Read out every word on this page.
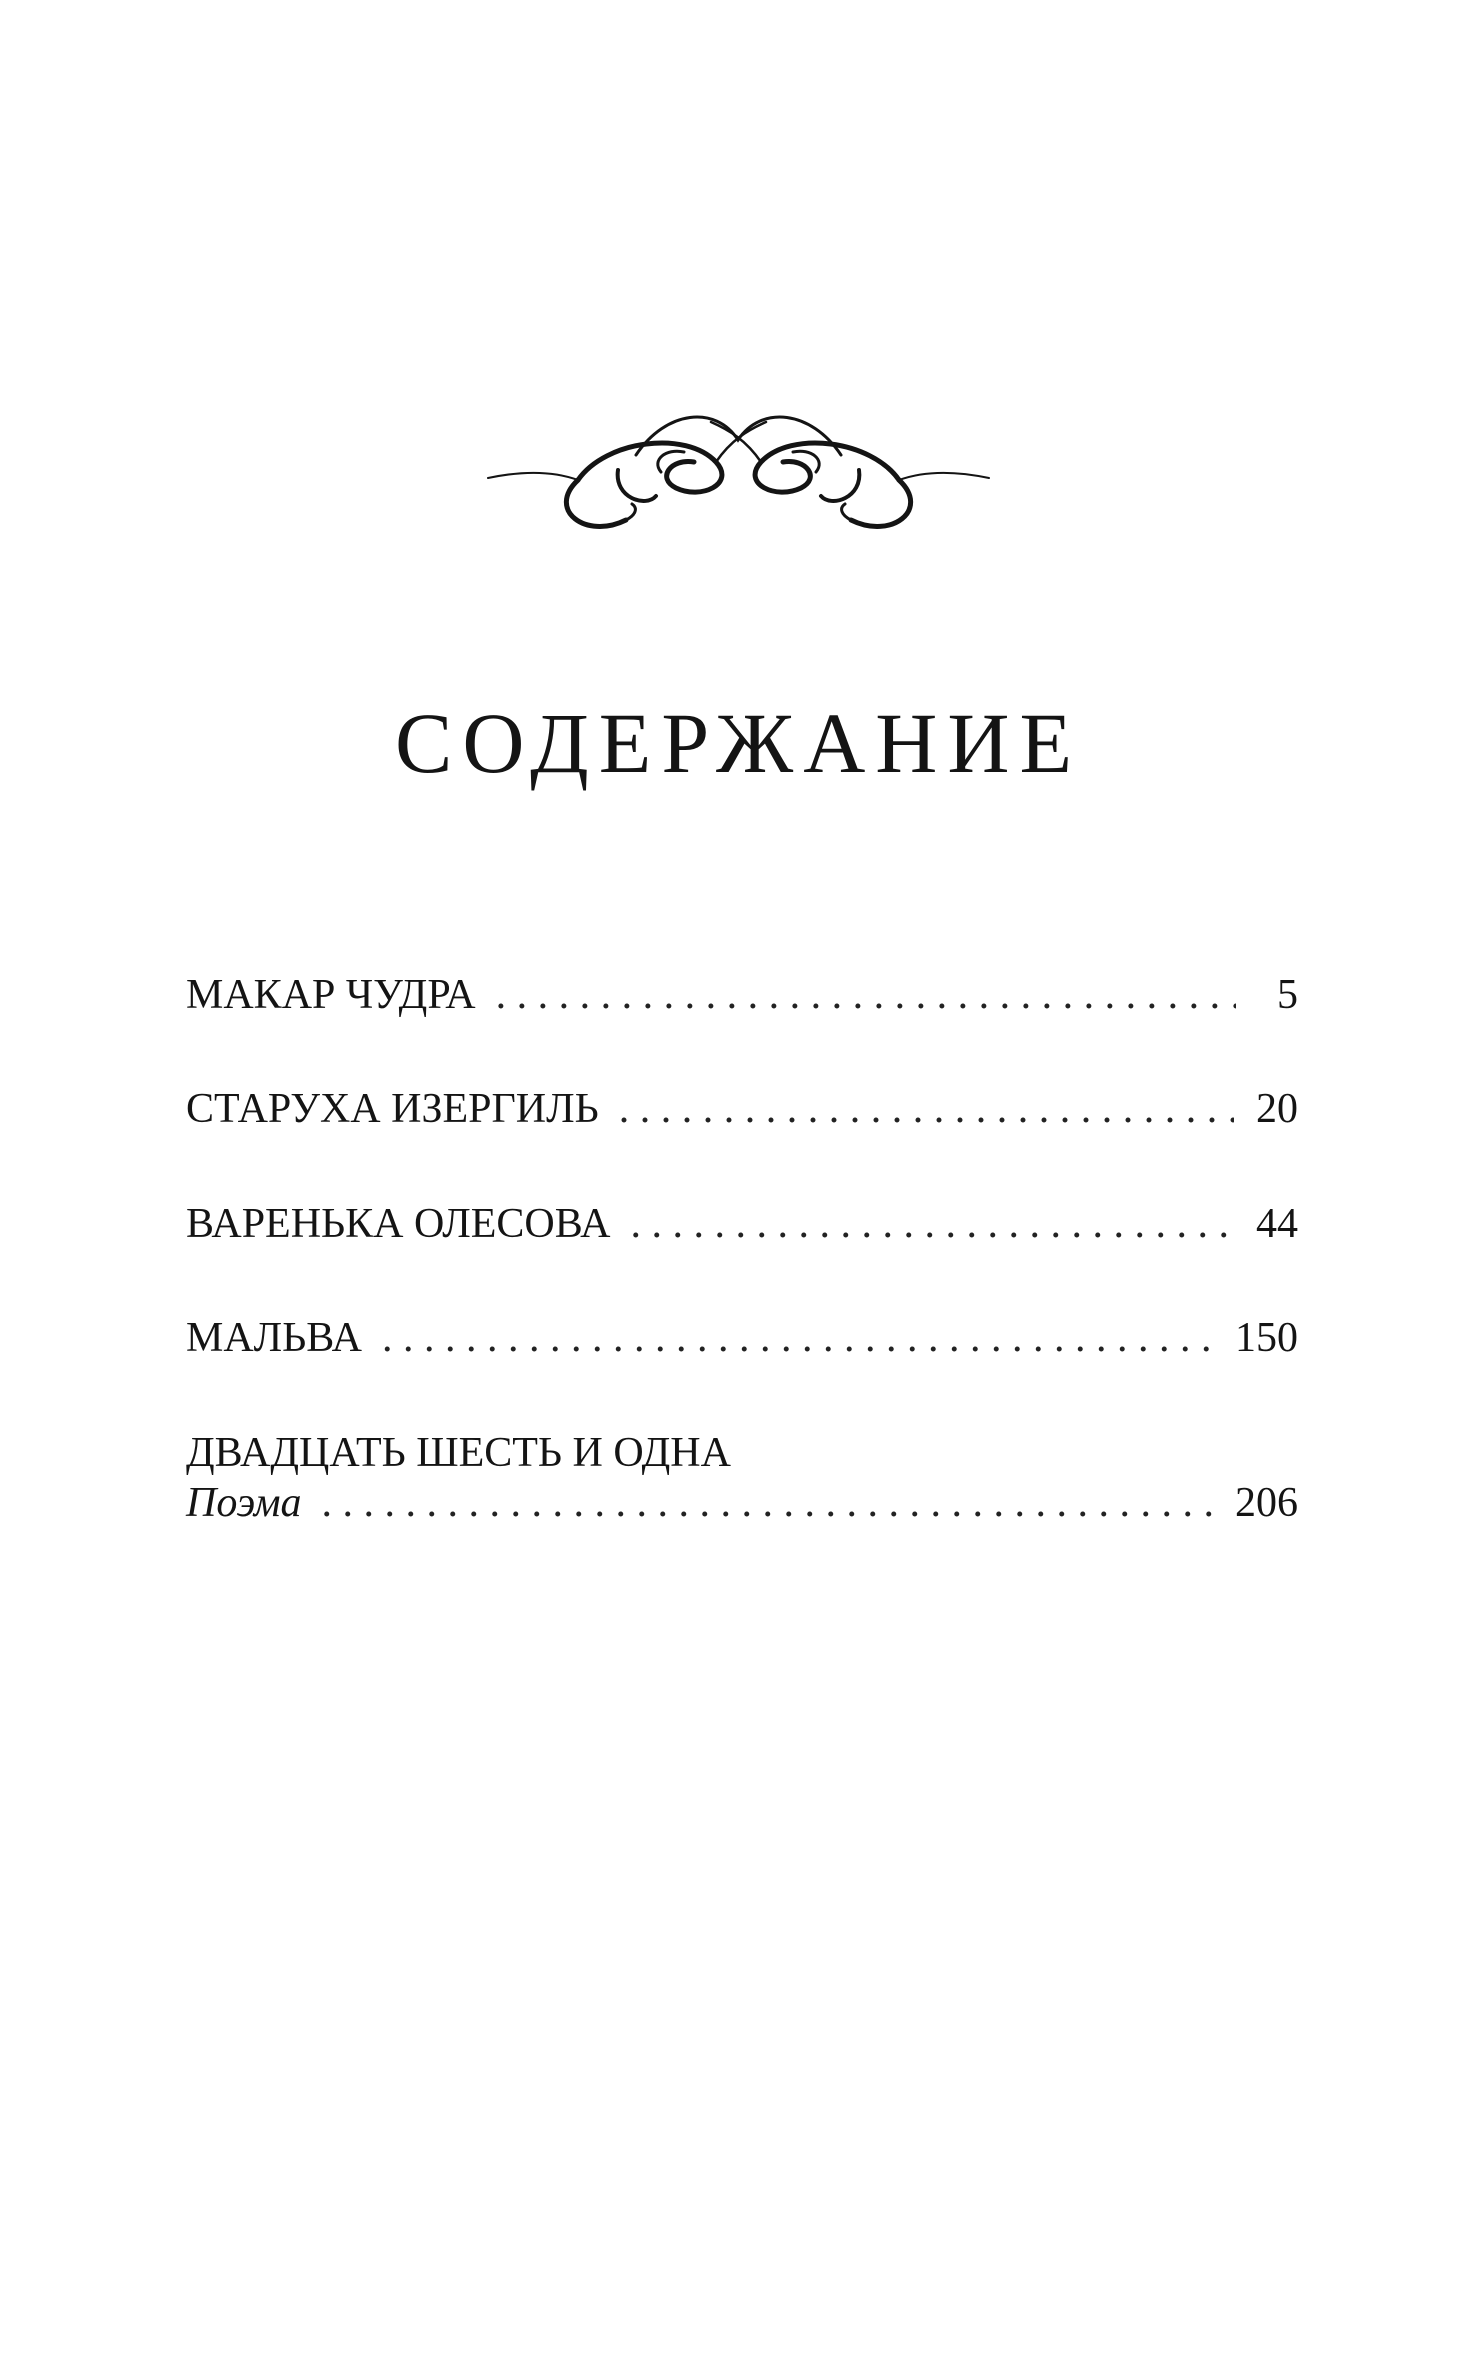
СОДЕРЖАНИЕ
МАКАР ЧУДРА . . .	5
СТАРУХА ИЗЕРГИЛЬ . . .	20
ВАРЕНЬКА ОЛЕСОВА . . .	44
МАЛЬВА . . .	150
ДВАДЦАТЬ ШЕСТЬ И ОДНА
Поэма . . .	206
